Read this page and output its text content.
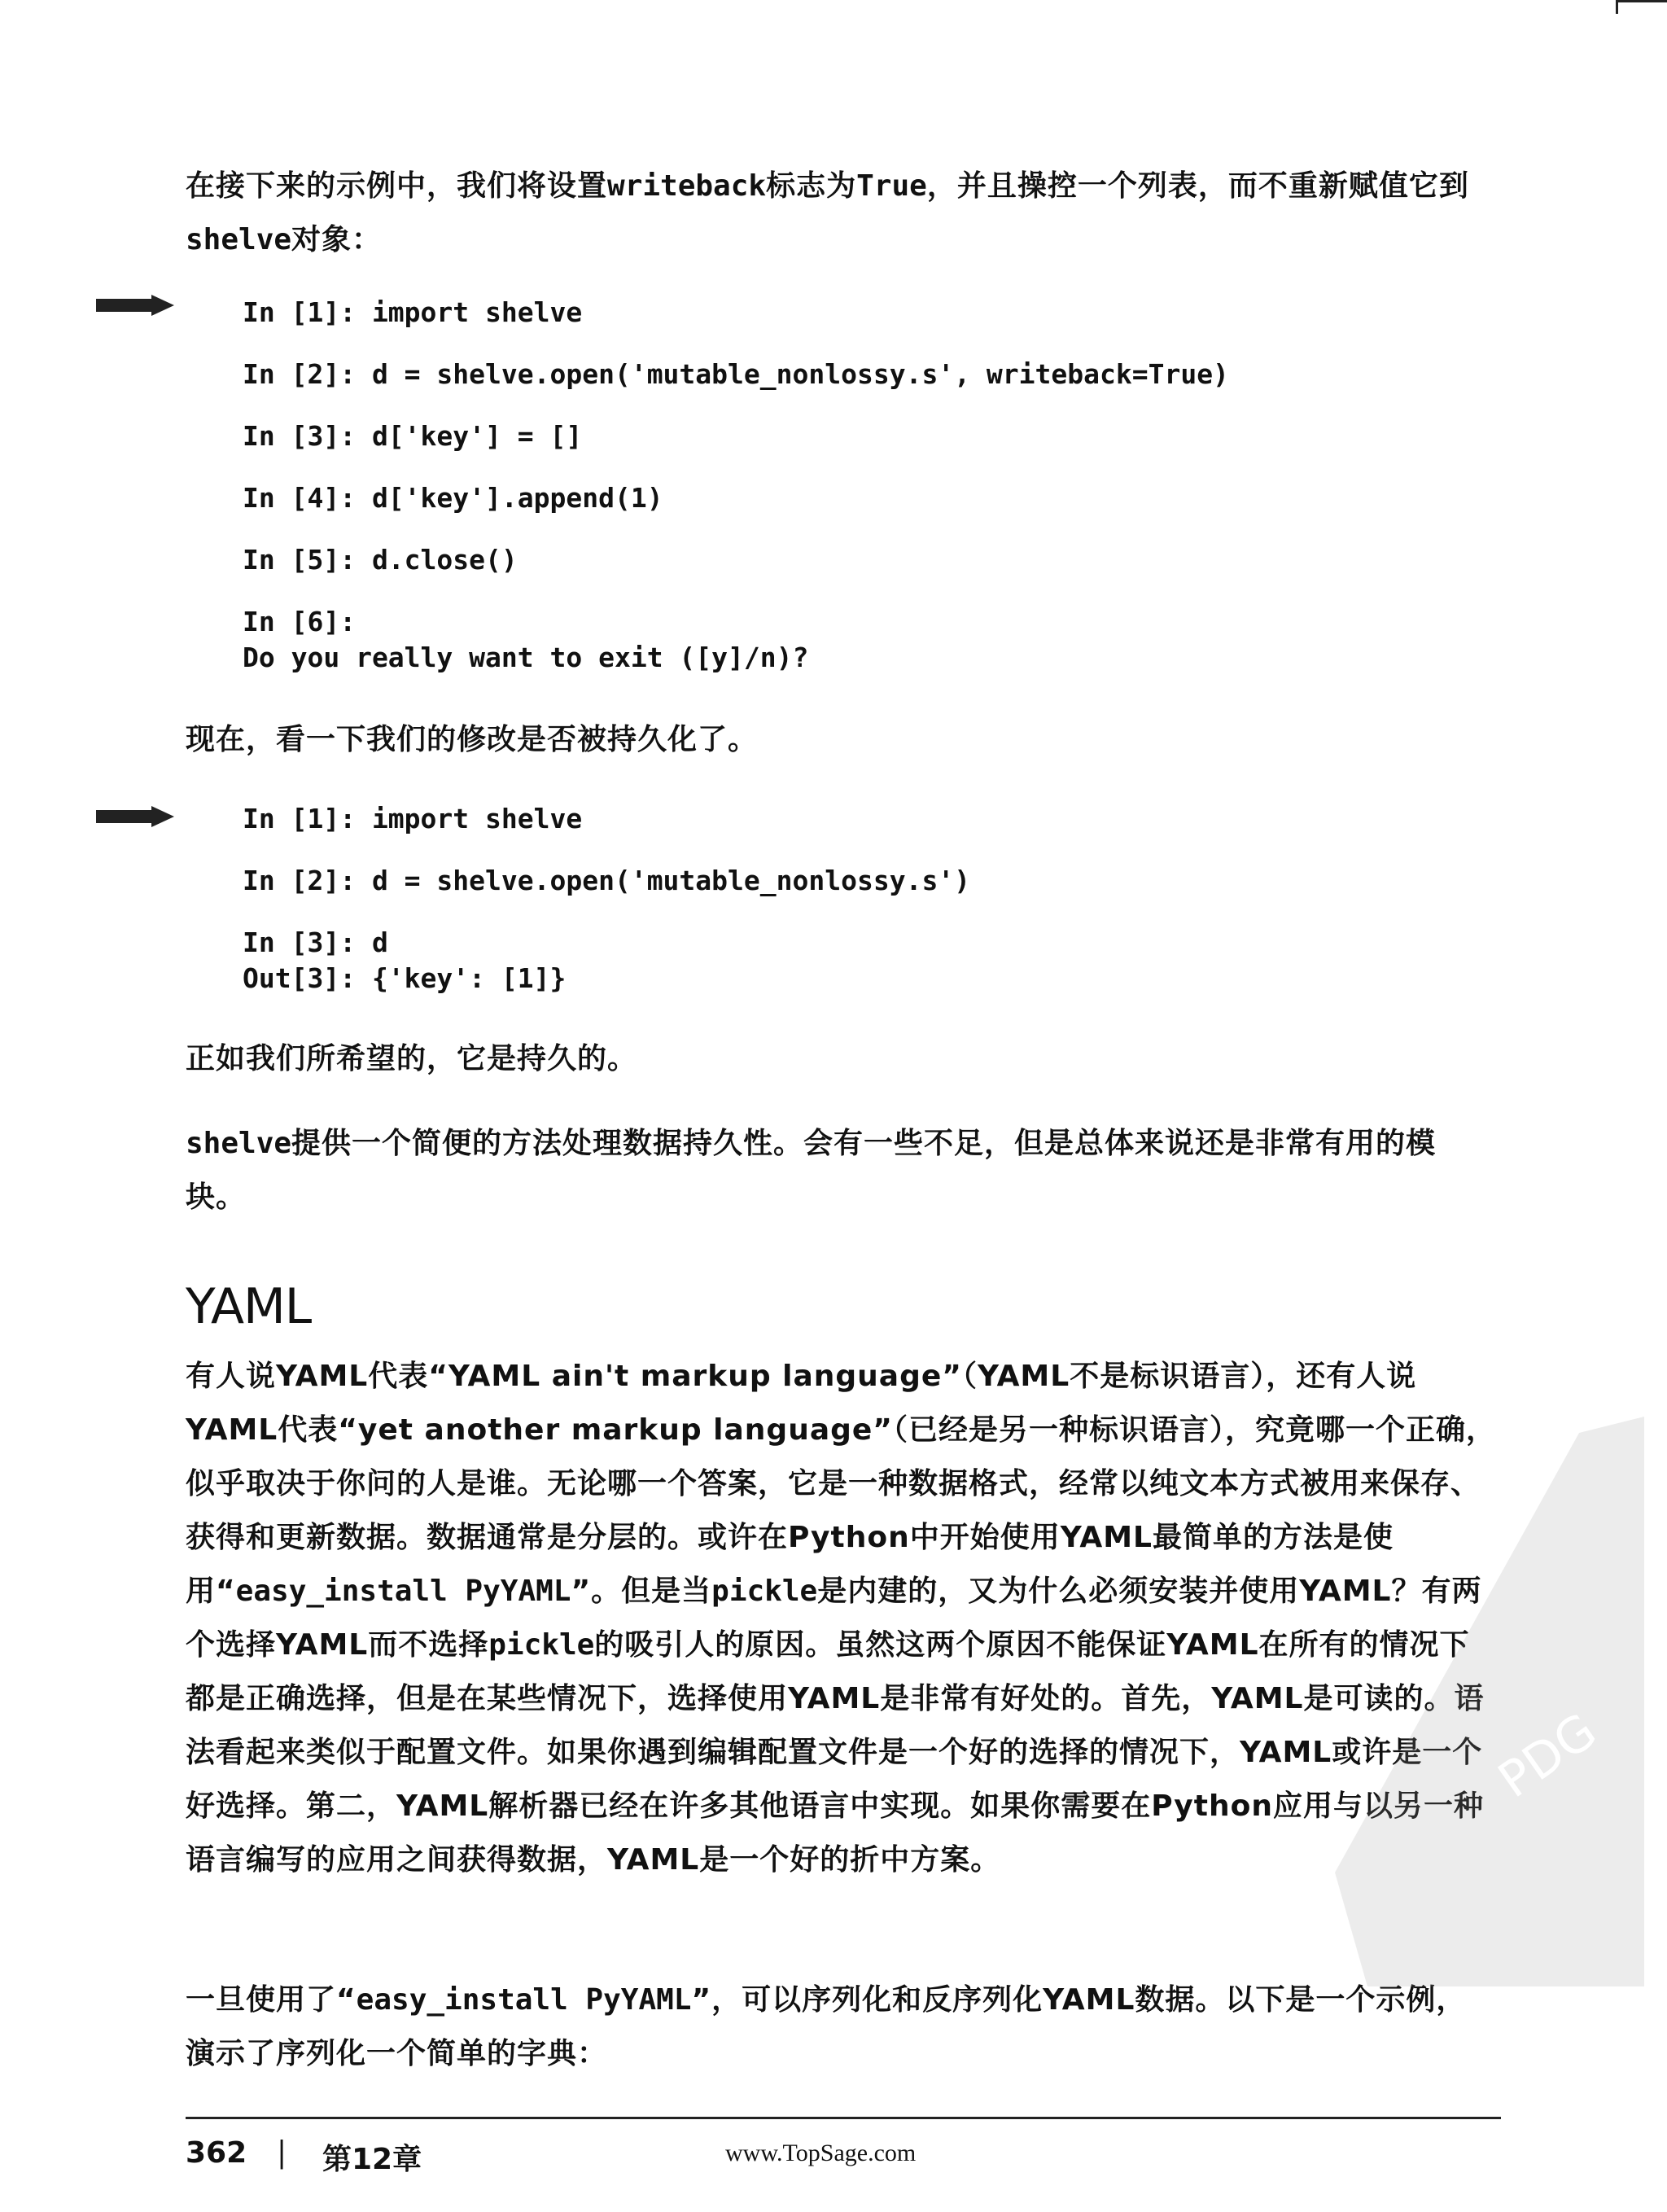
在接下来的示例中，我们将设置writeback标志为True，并且操控一个列表，而不重新赋值它到shelve对象：

In [1]: import shelve
In [2]: d = shelve.open('mutable_nonlossy.s', writeback=True)
In [3]: d['key'] = []
In [4]: d['key'].append(1)
In [5]: d.close()
In [6]:
Do you really want to exit ([y]/n)?

现在，看一下我们的修改是否被持久化了。

In [1]: import shelve
In [2]: d = shelve.open('mutable_nonlossy.s')
In [3]: d
Out[3]: {'key': [1]}

正如我们所希望的，它是持久的。

shelve提供一个简便的方法处理数据持久性。会有一些不足，但是总体来说还是非常有用的模块。

YAML

有人说YAML代表“YAML ain't markup language”（YAML不是标识语言），还有人说YAML代表“yet another markup language”（已经是另一种标识语言），究竟哪一个正确，似乎取决于你问的人是谁。无论哪一个答案，它是一种数据格式，经常以纯文本方式被用来保存、获得和更新数据。数据通常是分层的。或许在Python中开始使用YAML最简单的方法是使用“easy_install PyYAML”。但是当pickle是内建的，又为什么必须安装并使用YAML？有两个选择YAML而不选择pickle的吸引人的原因。虽然这两个原因不能保证YAML在所有的情况下都是正确选择，但是在某些情况下，选择使用YAML是非常有好处的。首先，YAML是可读的。语法看起来类似于配置文件。如果你遇到编辑配置文件是一个好的选择的情况下，YAML或许是一个好选择。第二，YAML解析器已经在许多其他语言中实现。如果你需要在Python应用与以另一种语言编写的应用之间获得数据，YAML是一个好的折中方案。

一旦使用了“easy_install PyYAML”，可以序列化和反序列化YAML数据。以下是一个示例，演示了序列化一个简单的字典：

PDG
362 | 第12章	www.TopSage.com
